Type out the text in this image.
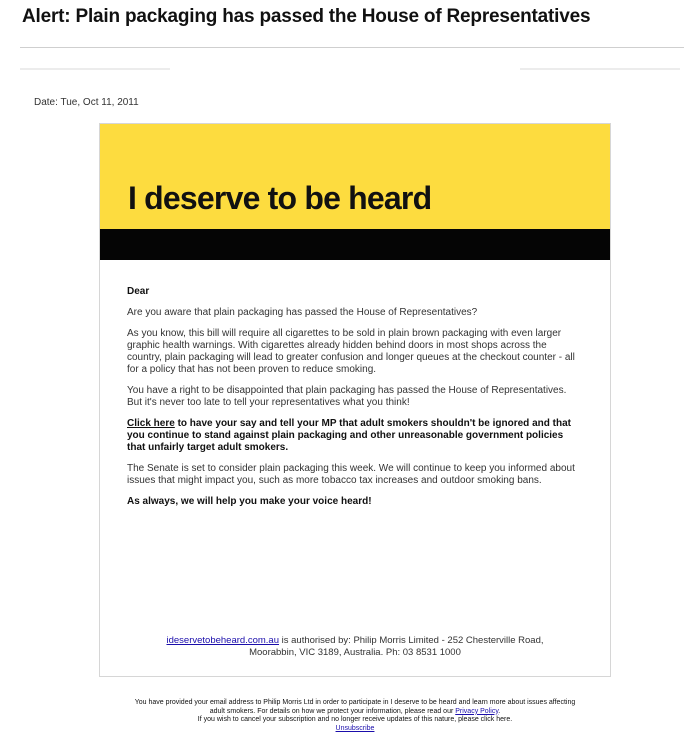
Alert: Plain packaging has passed the House of Representatives
Date: Tue, Oct 11, 2011
I deserve to be heard

Dear

Are you aware that plain packaging has passed the House of Representatives?

As you know, this bill will require all cigarettes to be sold in plain brown packaging with even larger graphic health warnings. With cigarettes already hidden behind doors in most shops across the country, plain packaging will lead to greater confusion and longer queues at the checkout counter - all for a policy that has not been proven to reduce smoking.

You have a right to be disappointed that plain packaging has passed the House of Representatives. But it's never too late to tell your representatives what you think!

Click here to have your say and tell your MP that adult smokers shouldn't be ignored and that you continue to stand against plain packaging and other unreasonable government policies that unfairly target adult smokers.

The Senate is set to consider plain packaging this week. We will continue to keep you informed about issues that might impact you, such as more tobacco tax increases and outdoor smoking bans.

As always, we will help you make your voice heard!

ideservetobeheard.com.au is authorised by: Philip Morris Limited - 252 Chesterville Road,
Moorabbin, VIC 3189, Australia. Ph: 03 8531 1000
You have provided your email address to Philip Morris Ltd in order to participate in I deserve to be heard and learn more about issues affecting
adult smokers. For details on how we protect your information, please read our Privacy Policy.
If you wish to cancel your subscription and no longer receive updates of this nature, please click here.
Unsubscribe
